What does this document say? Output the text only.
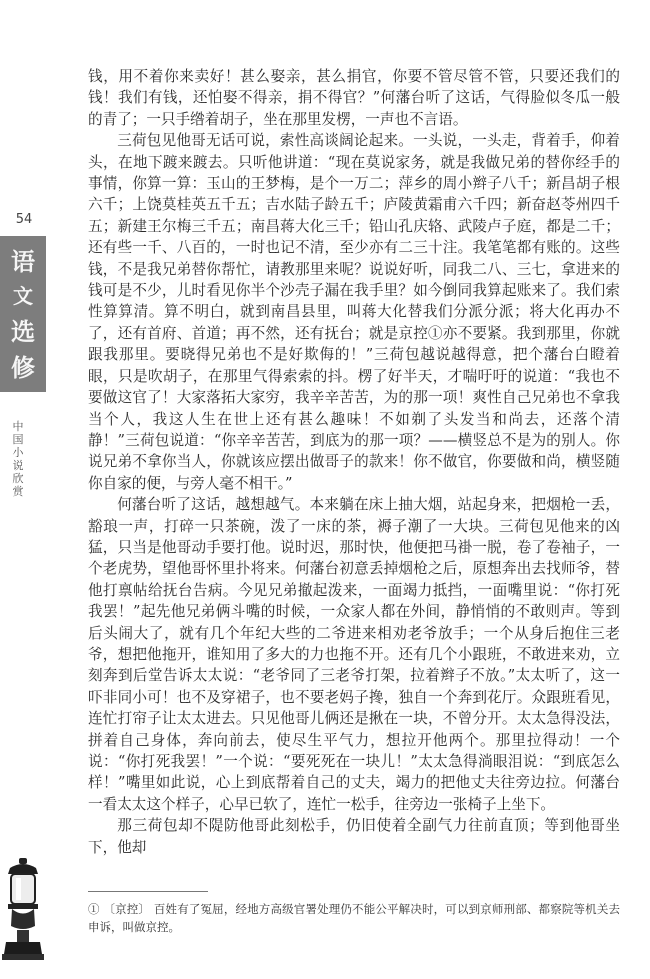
54
语
文
选
修
中国小说欣赏

钱，用不着你来卖好！甚么娶亲，甚么捐官，你要不管尽管不管，只要还我们的钱！我们有钱，还怕娶不得亲，捐不得官？”何藩台听了这话，气得脸似冬瓜一般的青了；一只手绺着胡子，坐在那里发楞，一声也不言语。

三荷包见他哥无话可说，索性高谈阔论起来。一头说，一头走，背着手，仰着头，在地下踱来踱去。只听他讲道：“现在莫说家务，就是我做兄弟的替你经手的事情，你算一算：玉山的王梦梅，是个一万二；萍乡的周小辫子八千；新昌胡子根六千；上饶莫桂英五千五；吉水陆子龄五千；庐陵黄霜甫六千四；新奋赵苓州四千五；新建王尔梅三千五；南昌蒋大化三千；铅山孔庆辂、武陵卢子庭，都是二千；还有些一千、八百的，一时也记不清，至少亦有二三十注。我笔笔都有账的。这些钱，不是我兄弟替你帮忙，请教那里来呢？说说好听，同我二八、三七，拿进来的钱可是不少，儿时看见你半个沙壳子漏在我手里？如今倒同我算起账来了。我们索性算算清。算不明白，就到南昌县里，叫蒋大化替我们分派分派；将大化再办不了，还有首府、首道；再不然，还有抚台；就是京控①亦不要紧。我到那里，你就跟我那里。要晓得兄弟也不是好欺侮的！”三荷包越说越得意，把个藩台白瞪着眼，只是吹胡子，在那里气得索索的抖。楞了好半天，才喘吁吁的说道：“我也不要做这官了！大家落拓大家穷，我辛辛苦苦，为的那一项！爽性自己兄弟也不拿我当个人，我这人生在世上还有甚么趣味！不如剃了头发当和尚去，还落个清静！”三荷包说道：“你辛辛苦苦，到底为的那一项？——横竖总不是为的别人。你说兄弟不拿你当人，你就该应摆出做哥子的款来！你不做官，你要做和尚，横竖随你自家的便，与旁人毫不相干。”

何藩台听了这话，越想越气。本来躺在床上抽大烟，站起身来，把烟枪一丢，豁琅一声，打碎一只茶碗，泼了一床的茶，褥子潮了一大块。三荷包见他来的凶猛，只当是他哥动手要打他。说时迟，那时快，他便把马褂一脱，卷了卷袖子，一个老虎势，望他哥怀里扑将来。何藩台初意丢掉烟枪之后，原想奔出去找师爷，替他打禀帖给抚台告病。今见兄弟撤起泼来，一面竭力抵挡，一面嘴里说：“你打死我罢！”起先他兄弟俩斗嘴的时候，一众家人都在外间，静悄悄的不敢则声。等到后头闹大了，就有几个年纪大些的二爷进来相劝老爷放手；一个从身后抱住三老爷，想把他拖开，谁知用了多大的力也拖不开。还有几个小跟班，不敢进来劝，立刻奔到后堂告诉太太说：“老爷同了三老爷打架，拉着辫子不放。”太太听了，这一吓非同小可！也不及穿裙子，也不要老妈子搀，独自一个奔到花厅。众跟班看见，连忙打帘子让太太进去。只见他哥儿俩还是揪在一块，不曾分开。太太急得没法，拼着自己身体，奔向前去，使尽生平气力，想拉开他两个。那里拉得动！一个说：“你打死我罢！”一个说：“要死死在一块儿！”太太急得淌眼泪说：“到底怎么样！”嘴里如此说，心上到底帮着自己的丈夫，竭力的把他丈夫往旁边拉。何藩台一看太太这个样子，心早已软了，连忙一松手，往旁边一张椅子上坐下。

那三荷包却不隄防他哥此刻松手，仍旧使着全副气力往前直顶；等到他哥坐下，他却

① 〔京控〕 百姓有了冤屈，经地方高级官署处理仍不能公平解决时，可以到京师刑部、都察院等机关去申诉，叫做京控。
